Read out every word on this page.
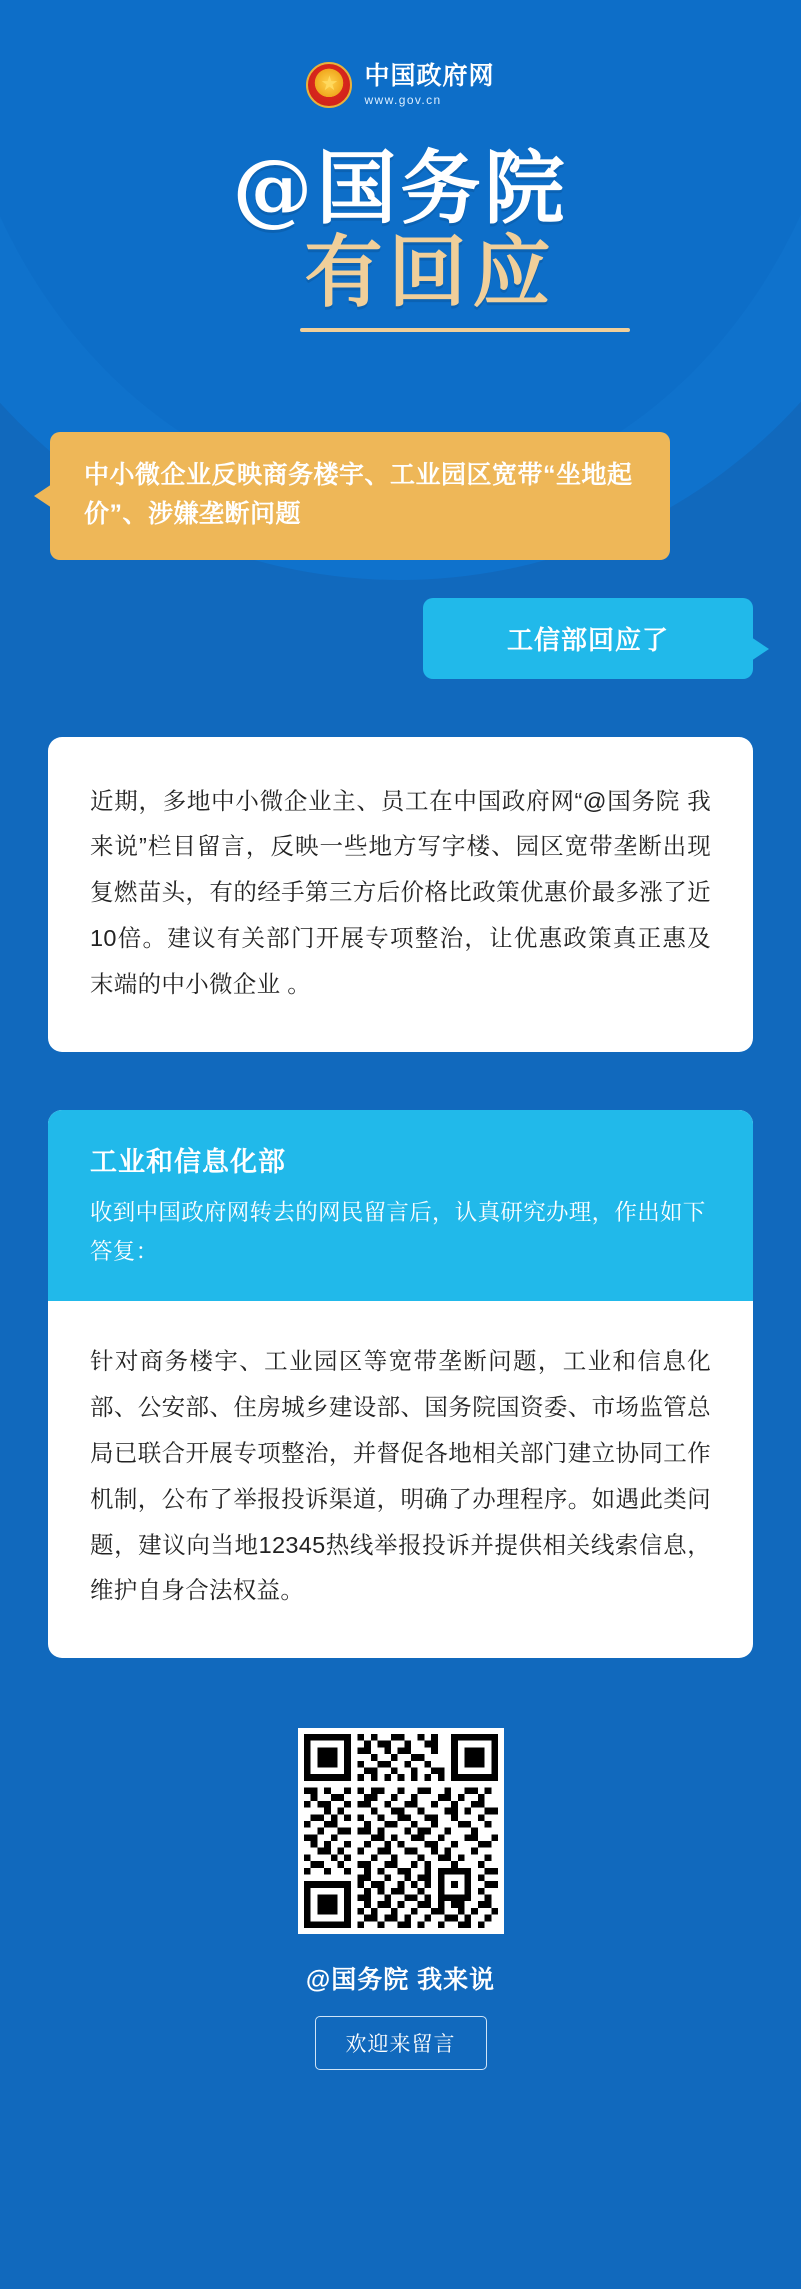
★
中国政府网
www.gov.cn
@国务院
有回应
中小微企业反映商务楼宇、工业园区宽带“坐地起价”、涉嫌垄断问题
工信部回应了

近期，多地中小微企业主、员工在中国政府网“@国务院 我来说”栏目留言，反映一些地方写字楼、园区宽带垄断出现复燃苗头，有的经手第三方后价格比政策优惠价最多涨了近10倍。建议有关部门开展专项整治，让优惠政策真正惠及末端的中小微企业 。

工业和信息化部
收到中国政府网转去的网民留言后，认真研究办理，作出如下答复：

针对商务楼宇、工业园区等宽带垄断问题，工业和信息化部、公安部、住房城乡建设部、国务院国资委、市场监管总局已联合开展专项整治，并督促各地相关部门建立协同工作机制，公布了举报投诉渠道，明确了办理程序。如遇此类问题，建议向当地12345热线举报投诉并提供相关线索信息，维护自身合法权益。

@国务院 我来说
欢迎来留言
